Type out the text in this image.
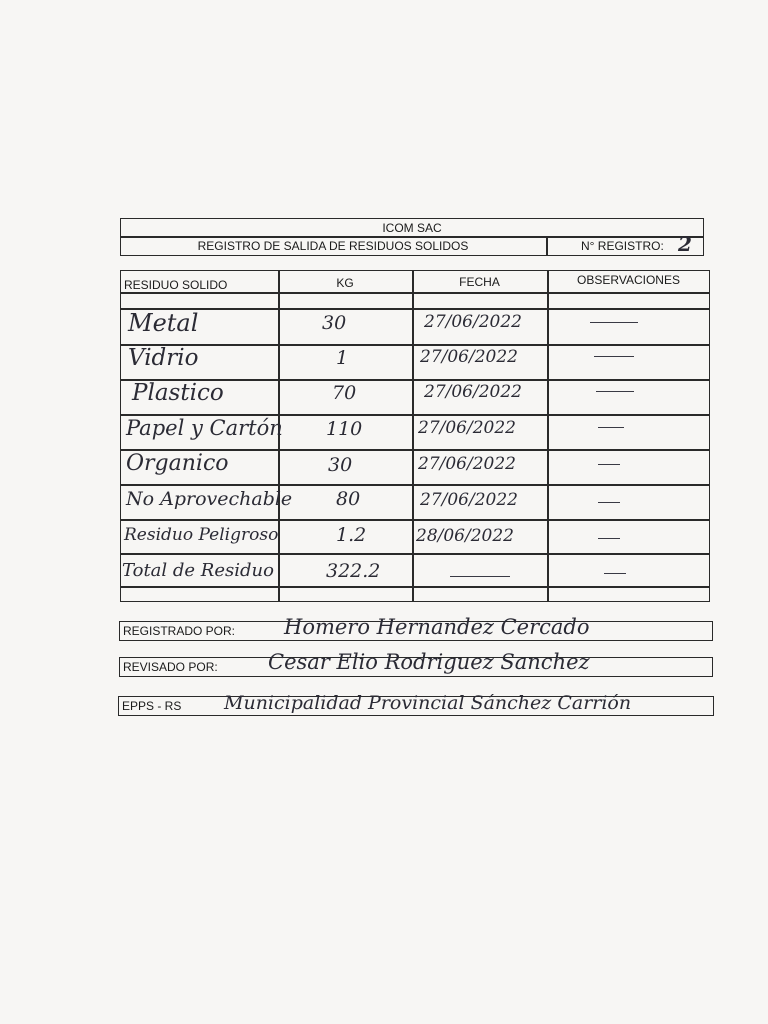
ICOM SAC
REGISTRO DE SALIDA DE RESIDUOS SOLIDOS	N° REGISTRO: 2
RESIDUO SOLIDO	KG	FECHA	OBSERVACIONES
Metal	30	27/06/2022
Vidrio	1	27/06/2022
Plastico	70	27/06/2022
Papel y Cartón 110	27/06/2022
Organico	30	27/06/2022
No Aprovechable 80	27/06/2022
Residuo Peligroso	1.2	28/06/2022
Total de Residuo	322.2
REGISTRADO POR: Homero Hernandez Cercado
REVISADO POR: Cesar Elio Rodriguez Sanchez
EPPS - RS Municipalidad Provincial Sánchez Carrión
